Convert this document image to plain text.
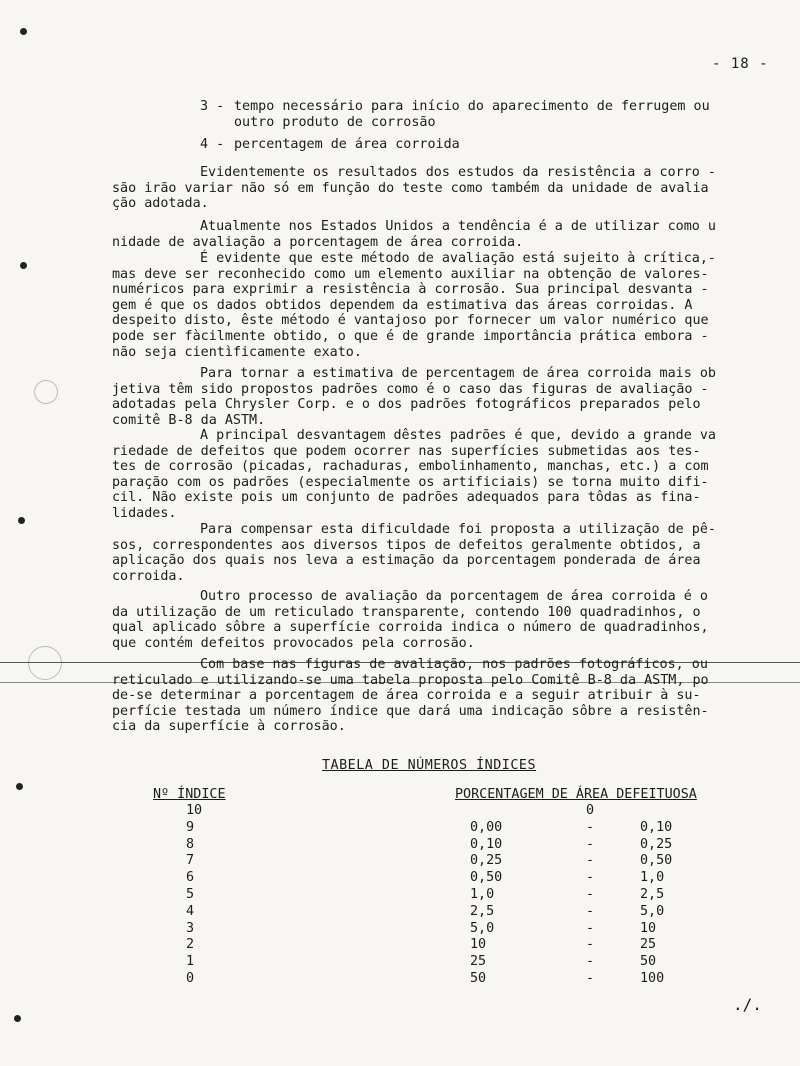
- 18 -
3 - tempo necessário para início do aparecimento de ferrugem ou
outro produto de corrosão
4 - percentagem de área corroida

Evidentemente os resultados dos estudos da resistência a corro -

são irão variar não só em função do teste como também da unidade de avalia

ção adotada.

Atualmente nos Estados Unidos a tendência é a de utilizar como u

nidade de avaliação a porcentagem de área corroida.

É evidente que este método de avaliação está sujeito à crítica,-

mas deve ser reconhecido como um elemento auxiliar na obtenção de valores-

numéricos para exprimir a resistência à corrosão. Sua principal desvanta -

gem é que os dados obtidos dependem da estimativa das áreas corroidas. A

despeito disto, êste método é vantajoso por fornecer um valor numérico que

pode ser fàcilmente obtido, o que é de grande importância prática embora -

não seja cientìficamente exato.

Para tornar a estimativa de percentagem de área corroida mais ob

jetiva têm sido propostos padrões como é o caso das figuras de avaliação -

adotadas pela Chrysler Corp. e o dos padrões fotográficos preparados pelo

comitê B-8 da ASTM.

A principal desvantagem dêstes padrões é que, devido a grande va

riedade de defeitos que podem ocorrer nas superfícies submetidas aos tes-

tes de corrosão (picadas, rachaduras, embolinhamento, manchas, etc.) a com

paração com os padrões (especialmente os artificiais) se torna muito difi-

cil. Não existe pois um conjunto de padrões adequados para tôdas as fina-

lidades.

Para compensar esta dificuldade foi proposta a utilização de pê-

sos, correspondentes aos diversos tipos de defeitos geralmente obtidos, a

aplicação dos quais nos leva a estimação da porcentagem ponderada de área

corroida.

Outro processo de avaliação da porcentagem de área corroida é o

da utilização de um reticulado transparente, contendo 100 quadradinhos, o

qual aplicado sôbre a superfície corroida indica o número de quadradinhos,

que contém defeitos provocados pela corrosão.

Com base nas figuras de avaliação, nos padrões fotográficos, ou

reticulado e utilizando-se uma tabela proposta pelo Comitê B-8 da ASTM, po

de-se determinar a porcentagem de área corroida e a seguir atribuir à su-

perfície testada um número índice que dará uma indicação sôbre a resistên-

cia da superfície à corrosão.

TABELA DE NÚMEROS ÍNDICES
Nº ÍNDICE	PORCENTAGEM DE ÁREA DEFEITUOSA
10	0
9	0,00	-	0,10
8	0,10	-	0,25
7	0,25	-	0,50
6	0,50	-	1,0
5	1,0	-	2,5
4	2,5	-	5,0
3	5,0	-	10
2	10	-	25
1	25	-	50
0	50	-	100
./.
